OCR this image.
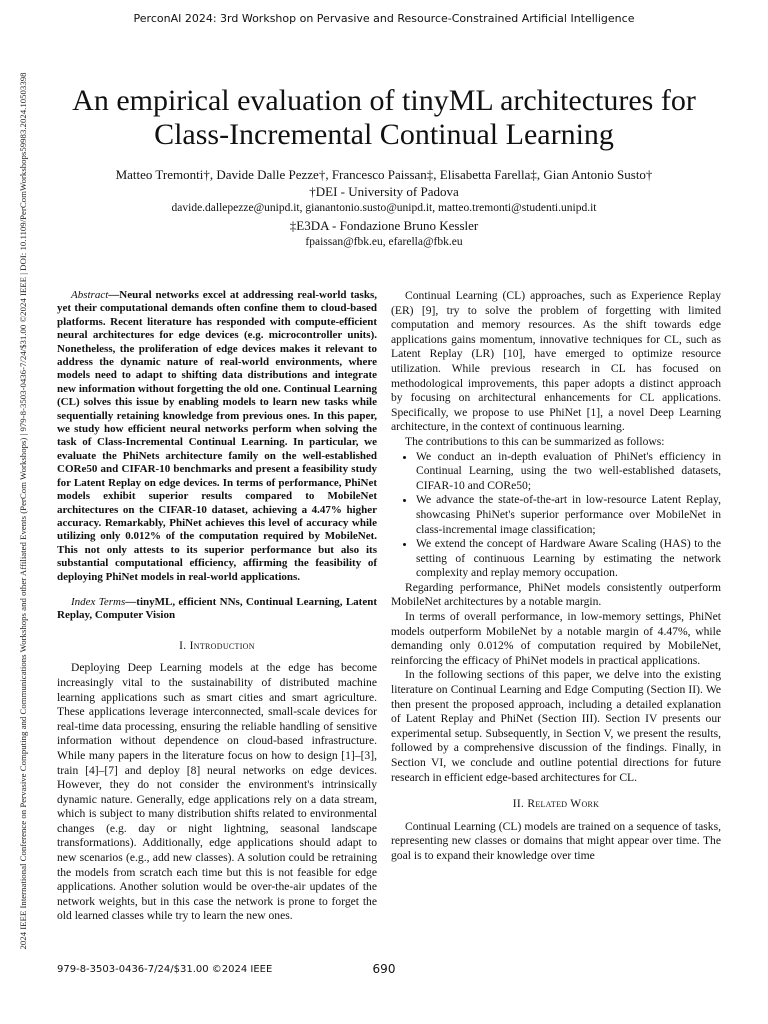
PerconAI 2024: 3rd Workshop on Pervasive and Resource-Constrained Artificial Intelligence
2024 IEEE International Conference on Pervasive Computing and Communications Workshops and other Affiliated Events (PerCom Workshops) | 979-8-3503-0436-7/24/$31.00 ©2024 IEEE | DOI: 10.1109/PerComWorkshops59983.2024.10503398	An empirical evaluation of tinyML architectures for
Class-Incremental Continual Learning
Matteo Tremonti†, Davide Dalle Pezze†, Francesco Paissan‡, Elisabetta Farella‡, Gian Antonio Susto†
†DEI - University of Padova
davide.dallepezze@unipd.it, gianantonio.susto@unipd.it, matteo.tremonti@studenti.unipd.it
‡E3DA - Fondazione Bruno Kessler
fpaissan@fbk.eu, efarella@fbk.eu

Abstract—Neural networks excel at addressing real-world tasks, yet their computational demands often confine them to cloud-based platforms. Recent literature has responded with compute-efficient neural architectures for edge devices (e.g. microcontroller units). Nonetheless, the proliferation of edge devices makes it relevant to address the dynamic nature of real-world environments, where models need to adapt to shifting data distributions and integrate new information without forgetting the old one. Continual Learning (CL) solves this issue by enabling models to learn new tasks while sequentially retaining knowledge from previous ones. In this paper, we study how efficient neural networks perform when solving the task of Class-Incremental Continual Learning. In particular, we evaluate the PhiNets architecture family on the well-established CORe50 and CIFAR-10 benchmarks and present a feasibility study for Latent Replay on edge devices. In terms of performance, PhiNet models exhibit superior results compared to MobileNet architectures on the CIFAR-10 dataset, achieving a 4.47% higher accuracy. Remarkably, PhiNet achieves this level of accuracy while utilizing only 0.012% of the computation required by MobileNet. This not only attests to its superior performance but also its substantial computational efficiency, affirming the feasibility of deploying PhiNet models in real-world applications.

Index Terms—tinyML, efficient NNs, Continual Learning, Latent Replay, Computer Vision

I. Introduction

Deploying Deep Learning models at the edge has become increasingly vital to the sustainability of distributed machine learning applications such as smart cities and smart agriculture. These applications leverage interconnected, small-scale devices for real-time data processing, ensuring the reliable handling of sensitive information without dependence on cloud-based infrastructure. While many papers in the literature focus on how to design [1]–[3], train [4]–[7] and deploy [8] neural networks on edge devices. However, they do not consider the environment's intrinsically dynamic nature. Generally, edge applications rely on a data stream, which is subject to many distribution shifts related to environmental changes (e.g. day or night lightning, seasonal landscape transformations). Additionally, edge applications should adapt to new scenarios (e.g., add new classes). A solution could be retraining the models from scratch each time but this is not feasible for edge applications. Another solution would be over-the-air updates of the network weights, but in this case the network is prone to forget the old learned classes while try to learn the new ones.

Continual Learning (CL) approaches, such as Experience Replay (ER) [9], try to solve the problem of forgetting with limited computation and memory resources. As the shift towards edge applications gains momentum, innovative techniques for CL, such as Latent Replay (LR) [10], have emerged to optimize resource utilization. While previous research in CL has focused on methodological improvements, this paper adopts a distinct approach by focusing on architectural enhancements for CL applications. Specifically, we propose to use PhiNet [1], a novel Deep Learning architecture, in the context of continuous learning.

The contributions to this can be summarized as follows:

• We conduct an in-depth evaluation of PhiNet's efficiency in Continual Learning, using the two well-established datasets, CIFAR-10 and CORe50;
• We advance the state-of-the-art in low-resource Latent Replay, showcasing PhiNet's superior performance over MobileNet in class-incremental image classification;
• We extend the concept of Hardware Aware Scaling (HAS) to the setting of continuous Learning by estimating the network complexity and replay memory occupation.

Regarding performance, PhiNet models consistently outperform MobileNet architectures by a notable margin.

In terms of overall performance, in low-memory settings, PhiNet models outperform MobileNet by a notable margin of 4.47%, while demanding only 0.012% of computation required by MobileNet, reinforcing the efficacy of PhiNet models in practical applications.

In the following sections of this paper, we delve into the existing literature on Continual Learning and Edge Computing (Section II). We then present the proposed approach, including a detailed explanation of Latent Replay and PhiNet (Section III). Section IV presents our experimental setup. Subsequently, in Section V, we present the results, followed by a comprehensive discussion of the findings. Finally, in Section VI, we conclude and outline potential directions for future research in efficient edge-based architectures for CL.

II. Related Work

Continual Learning (CL) models are trained on a sequence of tasks, representing new classes or domains that might appear over time. The goal is to expand their knowledge over time

979-8-3503-0436-7/24/$31.00 ©2024 IEEE	690
